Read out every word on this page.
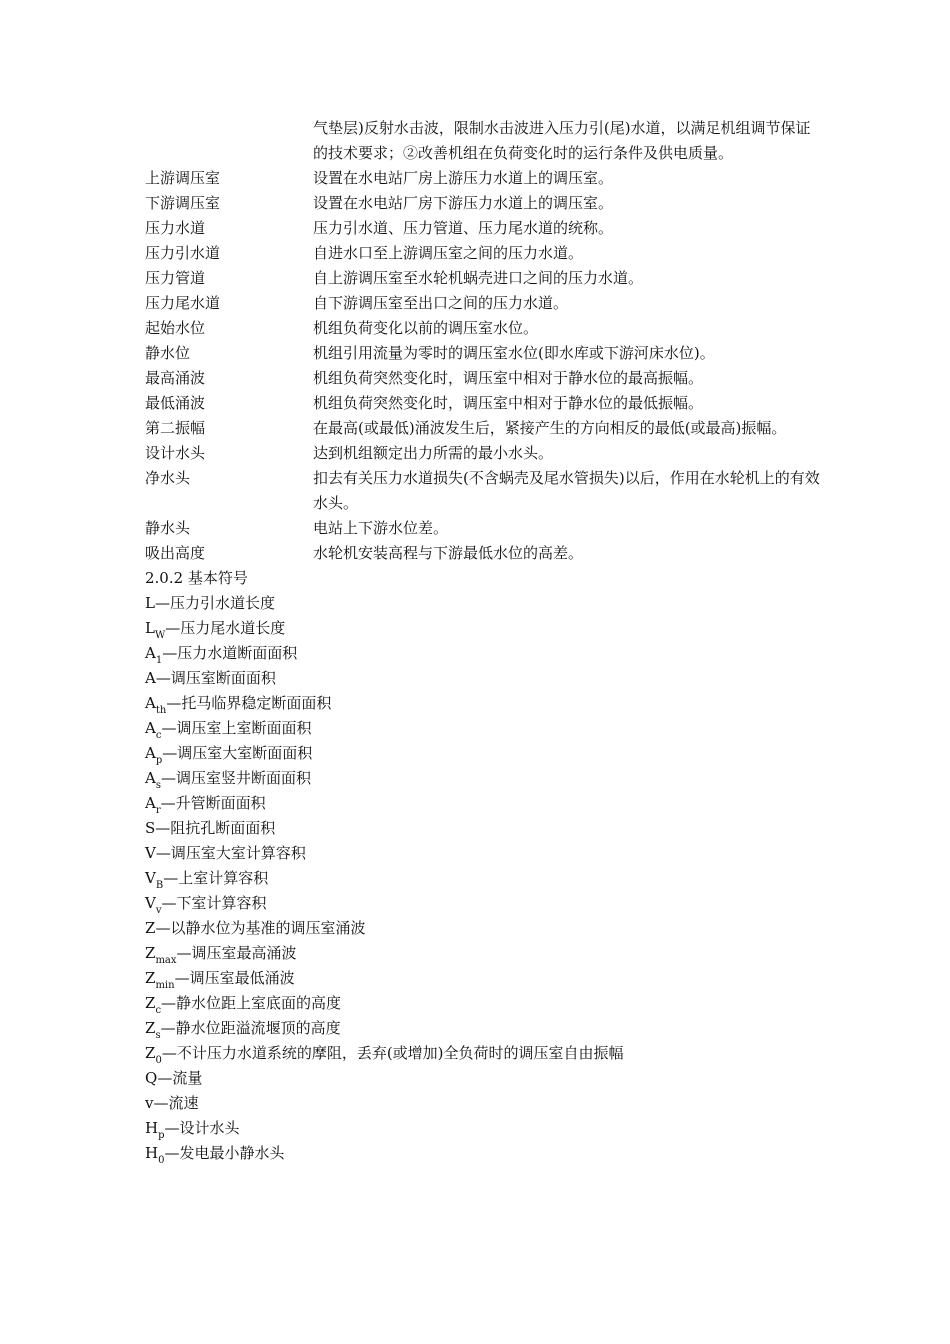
气垫层)反射水击波，限制水击波进入压力引(尾)水道，以满足机组调节保证的技术要求；②改善机组在负荷变化时的运行条件及供电质量。
上游调压室	设置在水电站厂房上游压力水道上的调压室。
下游调压室	设置在水电站厂房下游压力水道上的调压室。
压力水道	压力引水道、压力管道、压力尾水道的统称。
压力引水道	自进水口至上游调压室之间的压力水道。
压力管道	自上游调压室至水轮机蜗壳进口之间的压力水道。
压力尾水道	自下游调压室至出口之间的压力水道。
起始水位	机组负荷变化以前的调压室水位。
静水位	机组引用流量为零时的调压室水位(即水库或下游河床水位)。
最高涌波	机组负荷突然变化时，调压室中相对于静水位的最高振幅。
最低涌波	机组负荷突然变化时，调压室中相对于静水位的最低振幅。
第二振幅	在最高(或最低)涌波发生后，紧接产生的方向相反的最低(或最高)振幅。
设计水头	达到机组额定出力所需的最小水头。
净水头	扣去有关压力水道损失(不含蜗壳及尾水管损失)以后，作用在水轮机上的有效水头。
静水头	电站上下游水位差。
吸出高度	水轮机安装高程与下游最低水位的高差。
2.0.2 基本符号
L—压力引水道长度
$L_W—$压力尾水道长度
$A_1—$压力水道断面面积
A—调压室断面面积
$A_{th}—$托马临界稳定断面面积
$A_c—$调压室上室断面面积
$A_p—$调压室大室断面面积
$A_s—$调压室竖井断面面积
$A_r—$升管断面面积
S—阻抗孔断面面积
V—调压室大室计算容积
$V_B—$上室计算容积
$V_v—$下室计算容积
Z—以静水位为基准的调压室涌波
$Z_{max}—$调压室最高涌波
$Z_{min}—$调压室最低涌波
$Z_c—$静水位距上室底面的高度
$Z_s—$静水位距溢流堰顶的高度
$Z_0—$不计压力水道系统的摩阻，丢弃(或增加)全负荷时的调压室自由振幅
Q—流量
v—流速
$H_p—$设计水头
$H_0—$发电最小静水头
